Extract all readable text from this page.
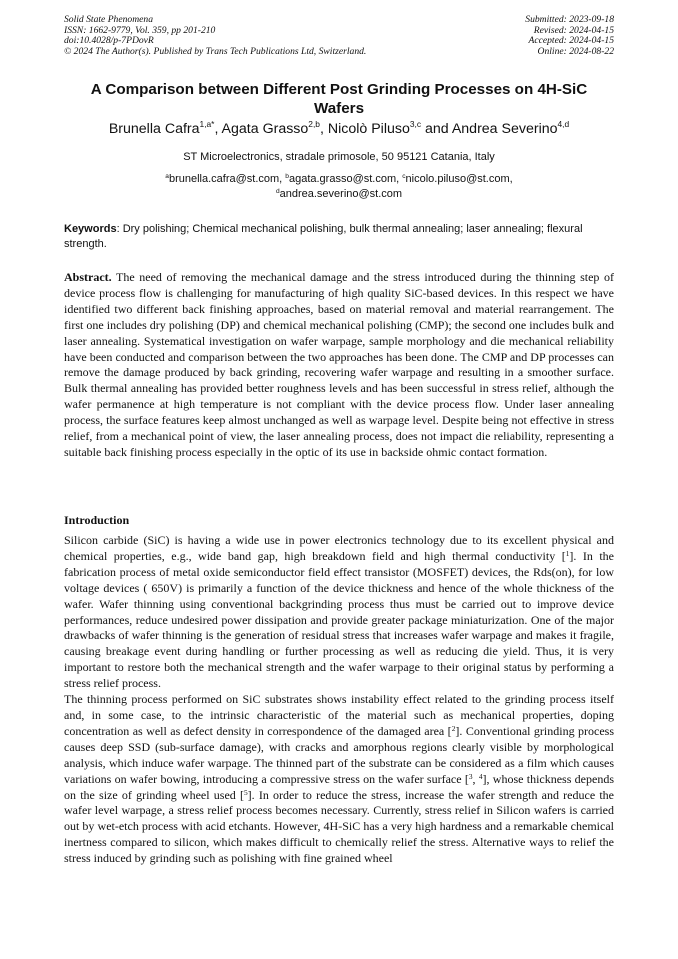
Solid State Phenomena
ISSN: 1662-9779, Vol. 359, pp 201-210
doi:10.4028/p-7PDovR
© 2024 The Author(s). Published by Trans Tech Publications Ltd, Switzerland.
Submitted: 2023-09-18
Revised: 2024-04-15
Accepted: 2024-04-15
Online: 2024-08-22
A Comparison between Different Post Grinding Processes on 4H-SiC Wafers
Brunella Cafra$^{1,a*}$, Agata Grasso$^{2,b}$, Nicolò Piluso$^{3,c}$ and Andrea Severino$^{4,d}$
ST Microelectronics, stradale primosole, 50 95121 Catania, Italy
$^a$brunella.cafra@st.com, $^b$agata.grasso@st.com, $^c$nicolo.piluso@st.com,
$^d$andrea.severino@st.com
Keywords: Dry polishing; Chemical mechanical polishing, bulk thermal annealing; laser annealing; flexural strength.
Abstract. The need of removing the mechanical damage and the stress introduced during the thinning step of device process flow is challenging for manufacturing of high quality SiC-based devices. In this respect we have identified two different back finishing approaches, based on material removal and material rearrangement. The first one includes dry polishing (DP) and chemical mechanical polishing (CMP); the second one includes bulk and laser annealing. Systematical investigation on wafer warpage, sample morphology and die mechanical reliability have been conducted and comparison between the two approaches has been done. The CMP and DP processes can remove the damage produced by back grinding, recovering wafer warpage and resulting in a smoother surface. Bulk thermal annealing has provided better roughness levels and has been successful in stress relief, although the wafer permanence at high temperature is not compliant with the device process flow. Under laser annealing process, the surface features keep almost unchanged as well as warpage level. Despite being not effective in stress relief, from a mechanical point of view, the laser annealing process, does not impact die reliability, representing a suitable back finishing process especially in the optic of its use in backside ohmic contact formation.
Introduction

Silicon carbide (SiC) is having a wide use in power electronics technology due to its excellent physical and chemical properties, e.g., wide band gap, high breakdown field and high thermal conductivity [$^1$]. In the fabrication process of metal oxide semiconductor field effect transistor (MOSFET) devices, the Rds(on), for low voltage devices ( 650V) is primarily a function of the device thickness and hence of the whole thickness of the wafer. Wafer thinning using conventional backgrinding process thus must be carried out to improve device performances, reduce undesired power dissipation and provide greater package miniaturization. One of the major drawbacks of wafer thinning is the generation of residual stress that increases wafer warpage and makes it fragile, causing breakage event during handling or further processing as well as reducing die yield. Thus, it is very important to restore both the mechanical strength and the wafer warpage to their original status by performing a stress relief process.

The thinning process performed on SiC substrates shows instability effect related to the grinding process itself and, in some case, to the intrinsic characteristic of the material such as mechanical properties, doping concentration as well as defect density in correspondence of the damaged area [$^2$]. Conventional grinding process causes deep SSD (sub-surface damage), with cracks and amorphous regions clearly visible by morphological analysis, which induce wafer warpage. The thinned part of the substrate can be considered as a film which causes variations on wafer bowing, introducing a compressive stress on the wafer surface [$^3$, $^4$], whose thickness depends on the size of grinding wheel used [$^5$]. In order to reduce the stress, increase the wafer strength and reduce the wafer level warpage, a stress relief process becomes necessary. Currently, stress relief in Silicon wafers is carried out by wet-etch process with acid etchants. However, 4H-SiC has a very high hardness and a remarkable chemical inertness compared to silicon, which makes difficult to chemically relief the stress. Alternative ways to relief the stress induced by grinding such as polishing with fine grained wheel
